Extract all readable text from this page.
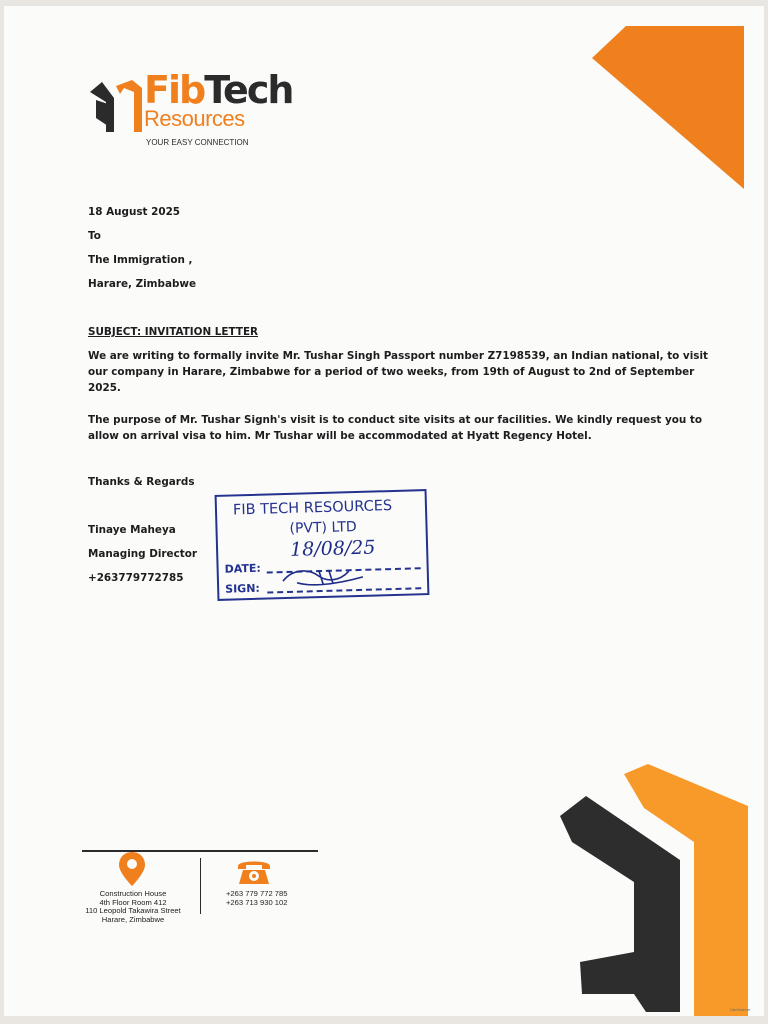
FibTech
Resources
YOUR EASY CONNECTION
18 August 2025
To
The Immigration ,
Harare, Zimbabwe
SUBJECT: INVITATION LETTER
We are writing to formally invite Mr. Tushar Singh Passport number Z7198539, an Indian national, to visit our company in Harare, Zimbabwe for a period of two weeks, from 19th of August to 2nd of September 2025.
The purpose of Mr. Tushar Signh's visit is to conduct site visits at our facilities. We kindly request you to allow on arrival visa to him. Mr Tushar will be accommodated at Hyatt Regency Hotel.
Thanks & Regards
Tinaye Maheya
Managing Director
+263779772785
FIB TECH RESOURCES
(PVT) LTD
DATE:
18/08/25
SIGN:
Construction House
4th Floor Room 412
110 Leopold Takawira Street
Harare, Zimbabwe
+263 779 772 785
+263 713 930 102
CamScanner
